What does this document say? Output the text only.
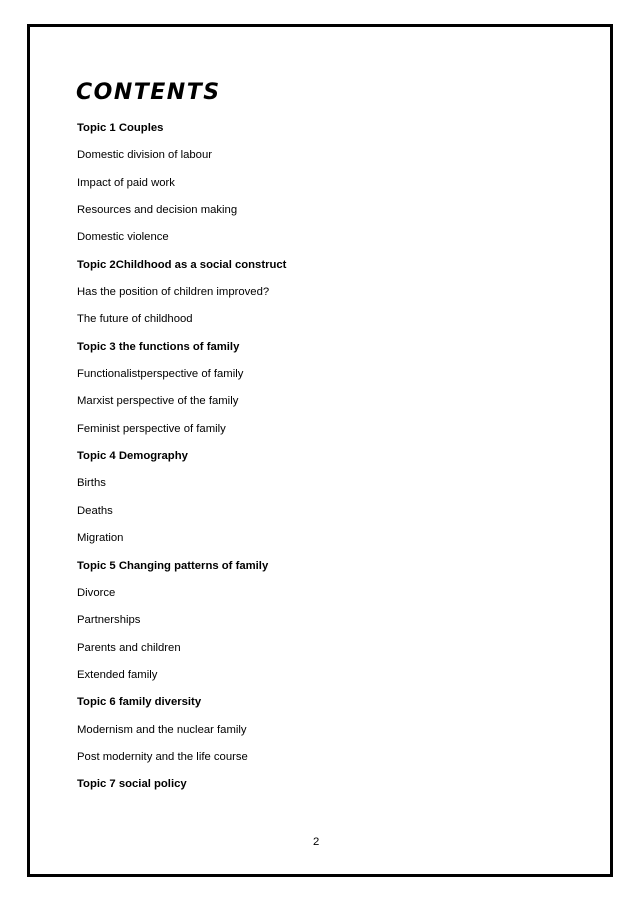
CONTENTS
Topic 1 Couples
Domestic division of labour
Impact of paid work
Resources and decision making
Domestic violence
Topic 2Childhood as a social construct
Has the position of children improved?
The future of childhood
Topic 3 the functions of family
Functionalistperspective of family
Marxist perspective of the family
Feminist perspective of family
Topic 4 Demography
Births
Deaths
Migration
Topic 5 Changing patterns of family
Divorce
Partnerships
Parents and children
Extended family
Topic 6 family diversity
Modernism and the nuclear family
Post modernity and the life course
Topic 7 social policy
2
